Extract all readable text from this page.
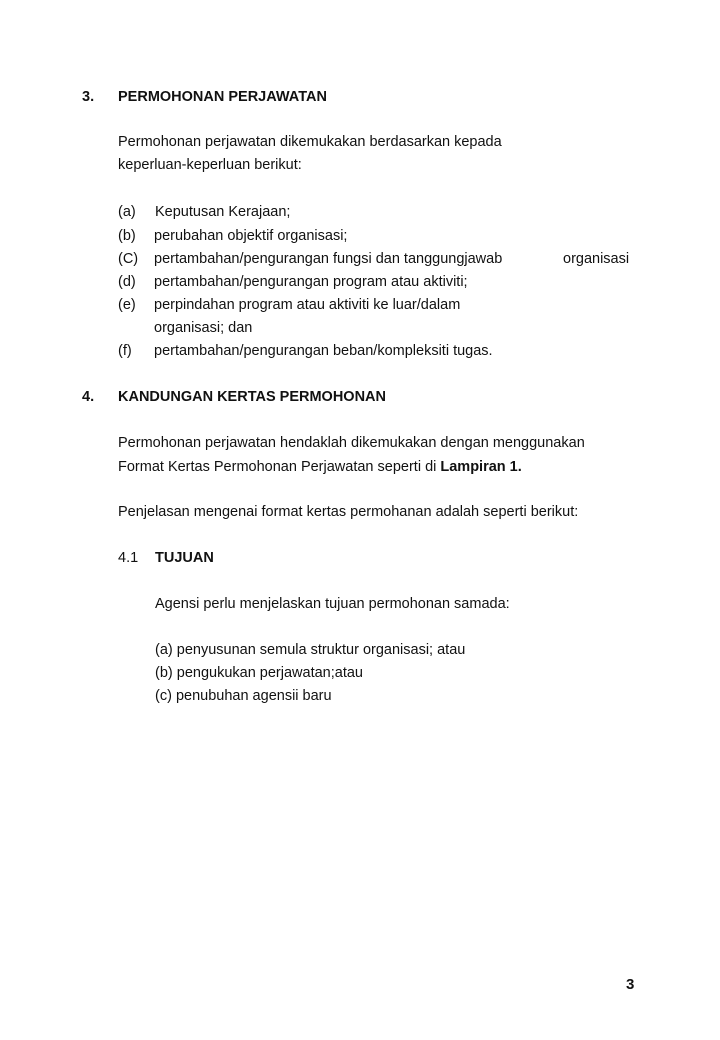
3. PERMOHONAN PERJAWATAN
Permohonan perjawatan dikemukakan berdasarkan kepada
keperluan-keperluan berikut:
(a) Keputusan Kerajaan;
(b) perubahan objektif organisasi;
(C) pertambahan/pengurangan fungsi dan tanggungjawab	organisasi
(d) pertambahan/pengurangan program atau aktiviti;
(e) perpindahan program atau aktiviti ke luar/dalam
organisasi; dan
(f) pertambahan/pengurangan beban/kompleksiti tugas.
4. KANDUNGAN KERTAS PERMOHONAN
Permohonan perjawatan hendaklah dikemukakan dengan menggunakan
Format Kertas Permohonan Perjawatan seperti di Lampiran 1.
Penjelasan mengenai format kertas permohanan adalah seperti berikut:
4.1 TUJUAN
Agensi perlu menjelaskan tujuan permohonan samada:
(a) penyusunan semula struktur organisasi; atau
(b) pengukukan perjawatan;atau
(c) penubuhan agensii baru
3
